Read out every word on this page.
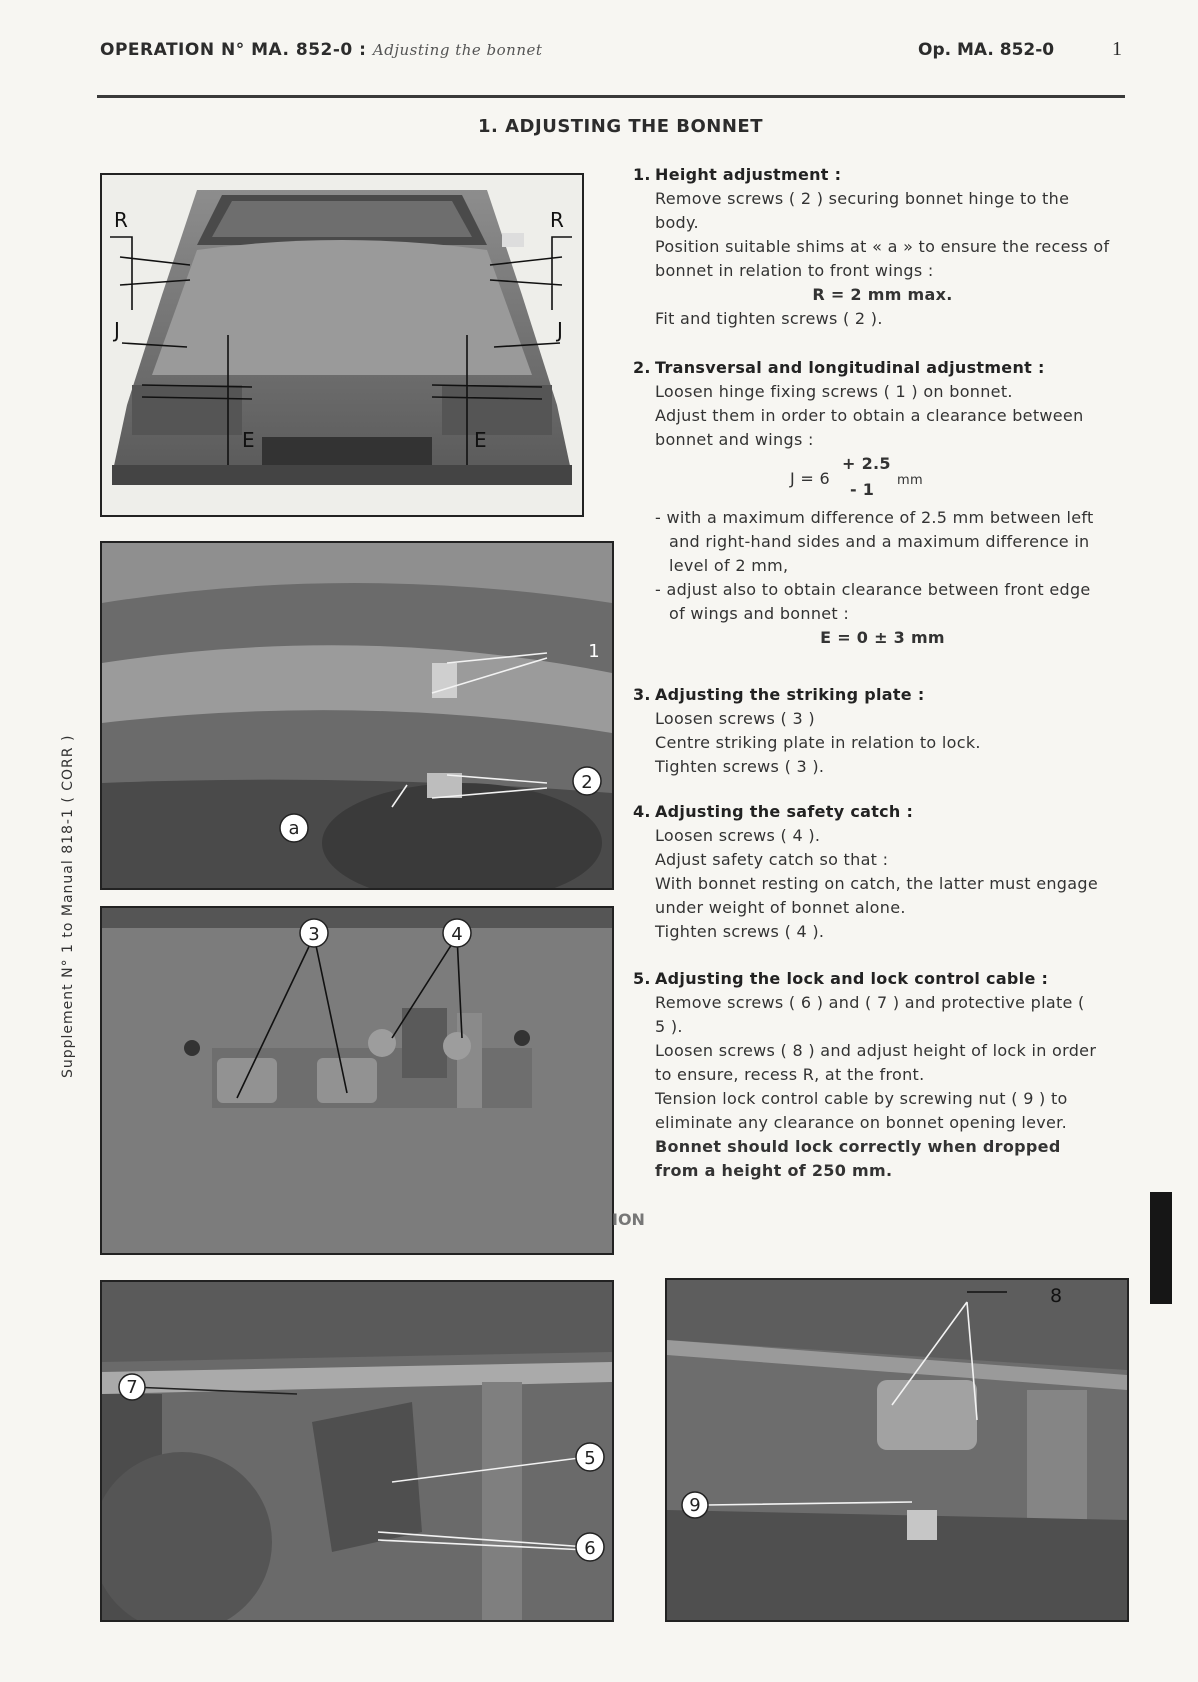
OPERATION N° MA. 852-0 : Adjusting the bonnet	Op. MA. 852-0	1
1. ADJUSTING THE BONNET
Supplement N° 1 to Manual 818-1 ( CORR )
R	R
J	J
E	E
1
2
a
3	4
ION
7
5
6
8
9
1. Height adjustment :

Remove screws ( 2 ) securing bonnet hinge to the body.

Position suitable shims at « a » to ensure the recess of bonnet in relation to front wings :

R = 2 mm max.

Fit and tighten screws ( 2 ).

2. Transversal and longitudinal adjustment :

Loosen hinge fixing screws ( 1 ) on bonnet.

Adjust them in order to obtain a clearance between bonnet and wings :

J = 6
+ 2.5
- 1 mm

- with a maximum difference of 2.5 mm between left and right-hand sides and a maximum difference in level of 2 mm,

- adjust also to obtain clearance between front edge of wings and bonnet :

E = 0 ± 3 mm

3. Adjusting the striking plate :

Loosen screws ( 3 )

Centre striking plate in relation to lock.

Tighten screws ( 3 ).

4. Adjusting the safety catch :

Loosen screws ( 4 ).

Adjust safety catch so that :

With bonnet resting on catch, the latter must engage under weight of bonnet alone.

Tighten screws ( 4 ).

5. Adjusting the lock and lock control cable :

Remove screws ( 6 ) and ( 7 ) and protective plate ( 5 ).

Loosen screws ( 8 ) and adjust height of lock in order to ensure, recess R, at the front.

Tension lock control cable by screwing nut ( 9 ) to eliminate any clearance on bonnet opening lever.

Bonnet should lock correctly when dropped from a height of 250 mm.
